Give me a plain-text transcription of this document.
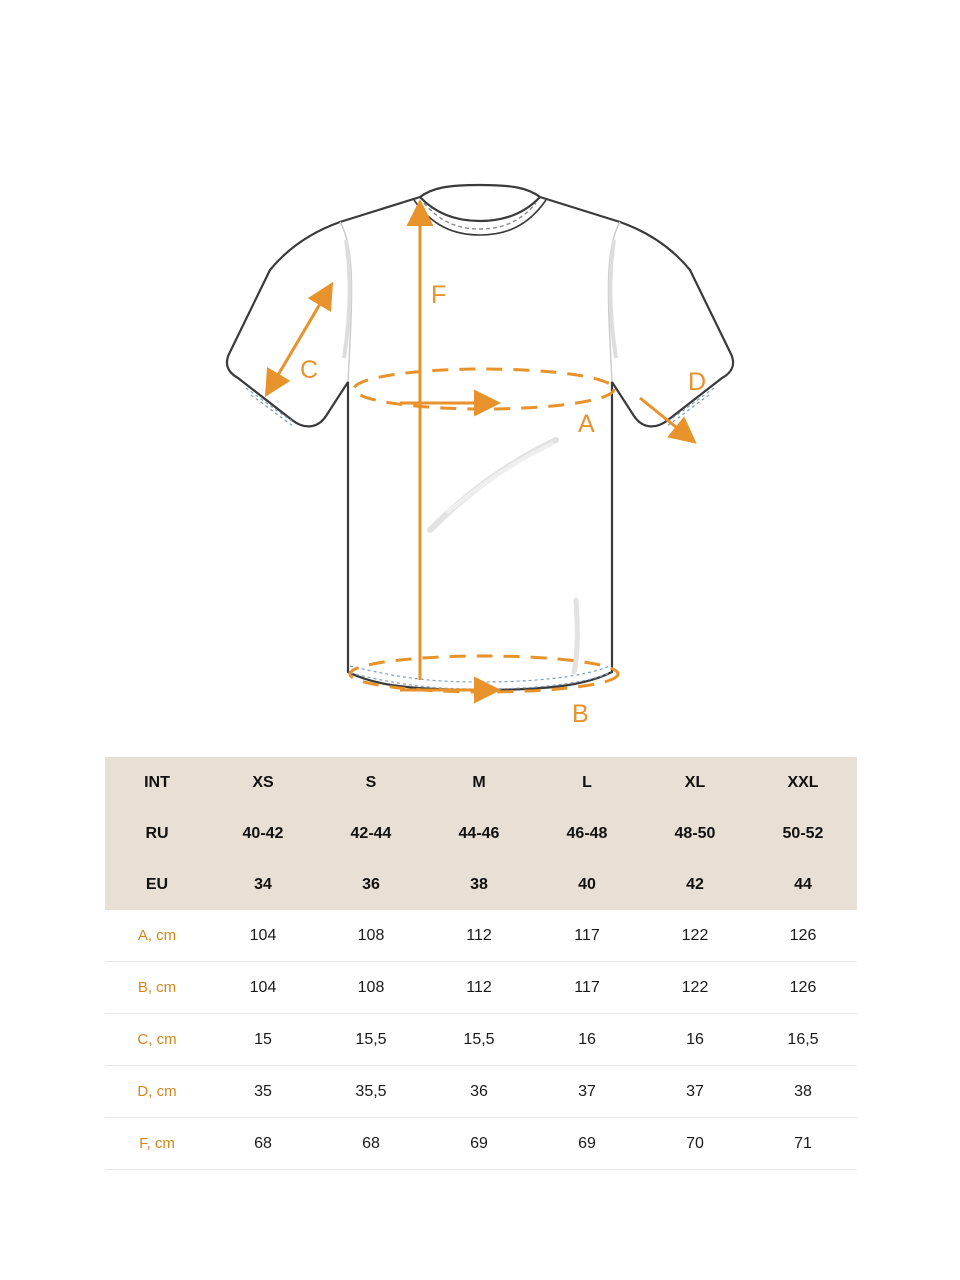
A
B
C	D
F
INT	XS	S	M	L	XL	XXL
RU	40-42	42-44	44-46	46-48	48-50	50-52
EU	34	36	38	40	42	44
A, cm	104	108	112	117	122	126
B, cm	104	108	112	117	122	126
C, cm	15	15,5	15,5	16	16	16,5
D, cm	35	35,5	36	37	37	38
F, cm	68	68	69	69	70	71
